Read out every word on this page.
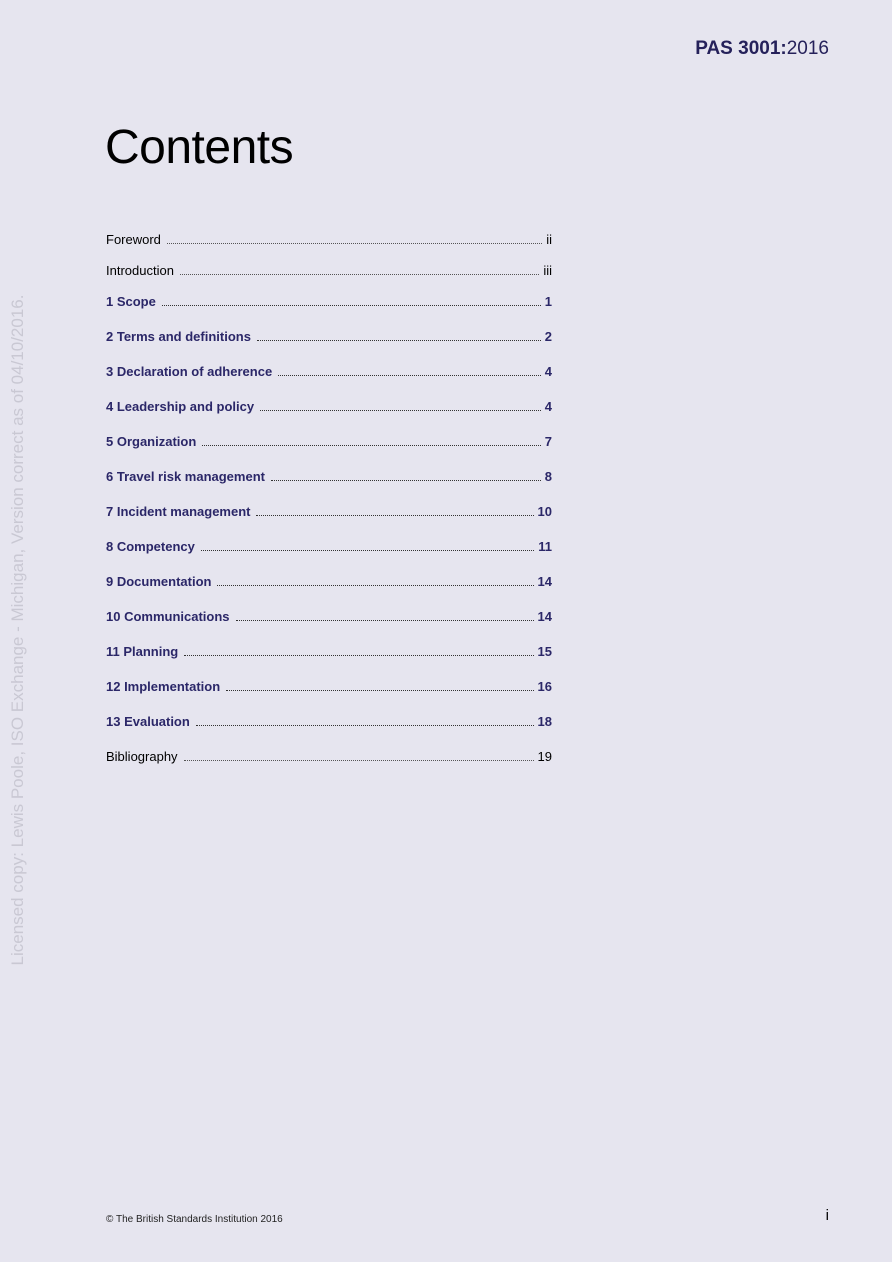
PAS 3001:2016
Contents
Foreword	ii
Introduction	iii
1 Scope	1
2 Terms and definitions	2
3 Declaration of adherence	4
4 Leadership and policy	4
5 Organization	7
6 Travel risk management	8
7 Incident management	10
8 Competency	11
9 Documentation	14
10 Communications	14
11 Planning	15
12 Implementation	16
13 Evaluation	18
Bibliography	19
Licensed copy: Lewis Poole, ISO Exchange - Michigan, Version correct as of 04/10/2016.
© The British Standards Institution 2016	i
